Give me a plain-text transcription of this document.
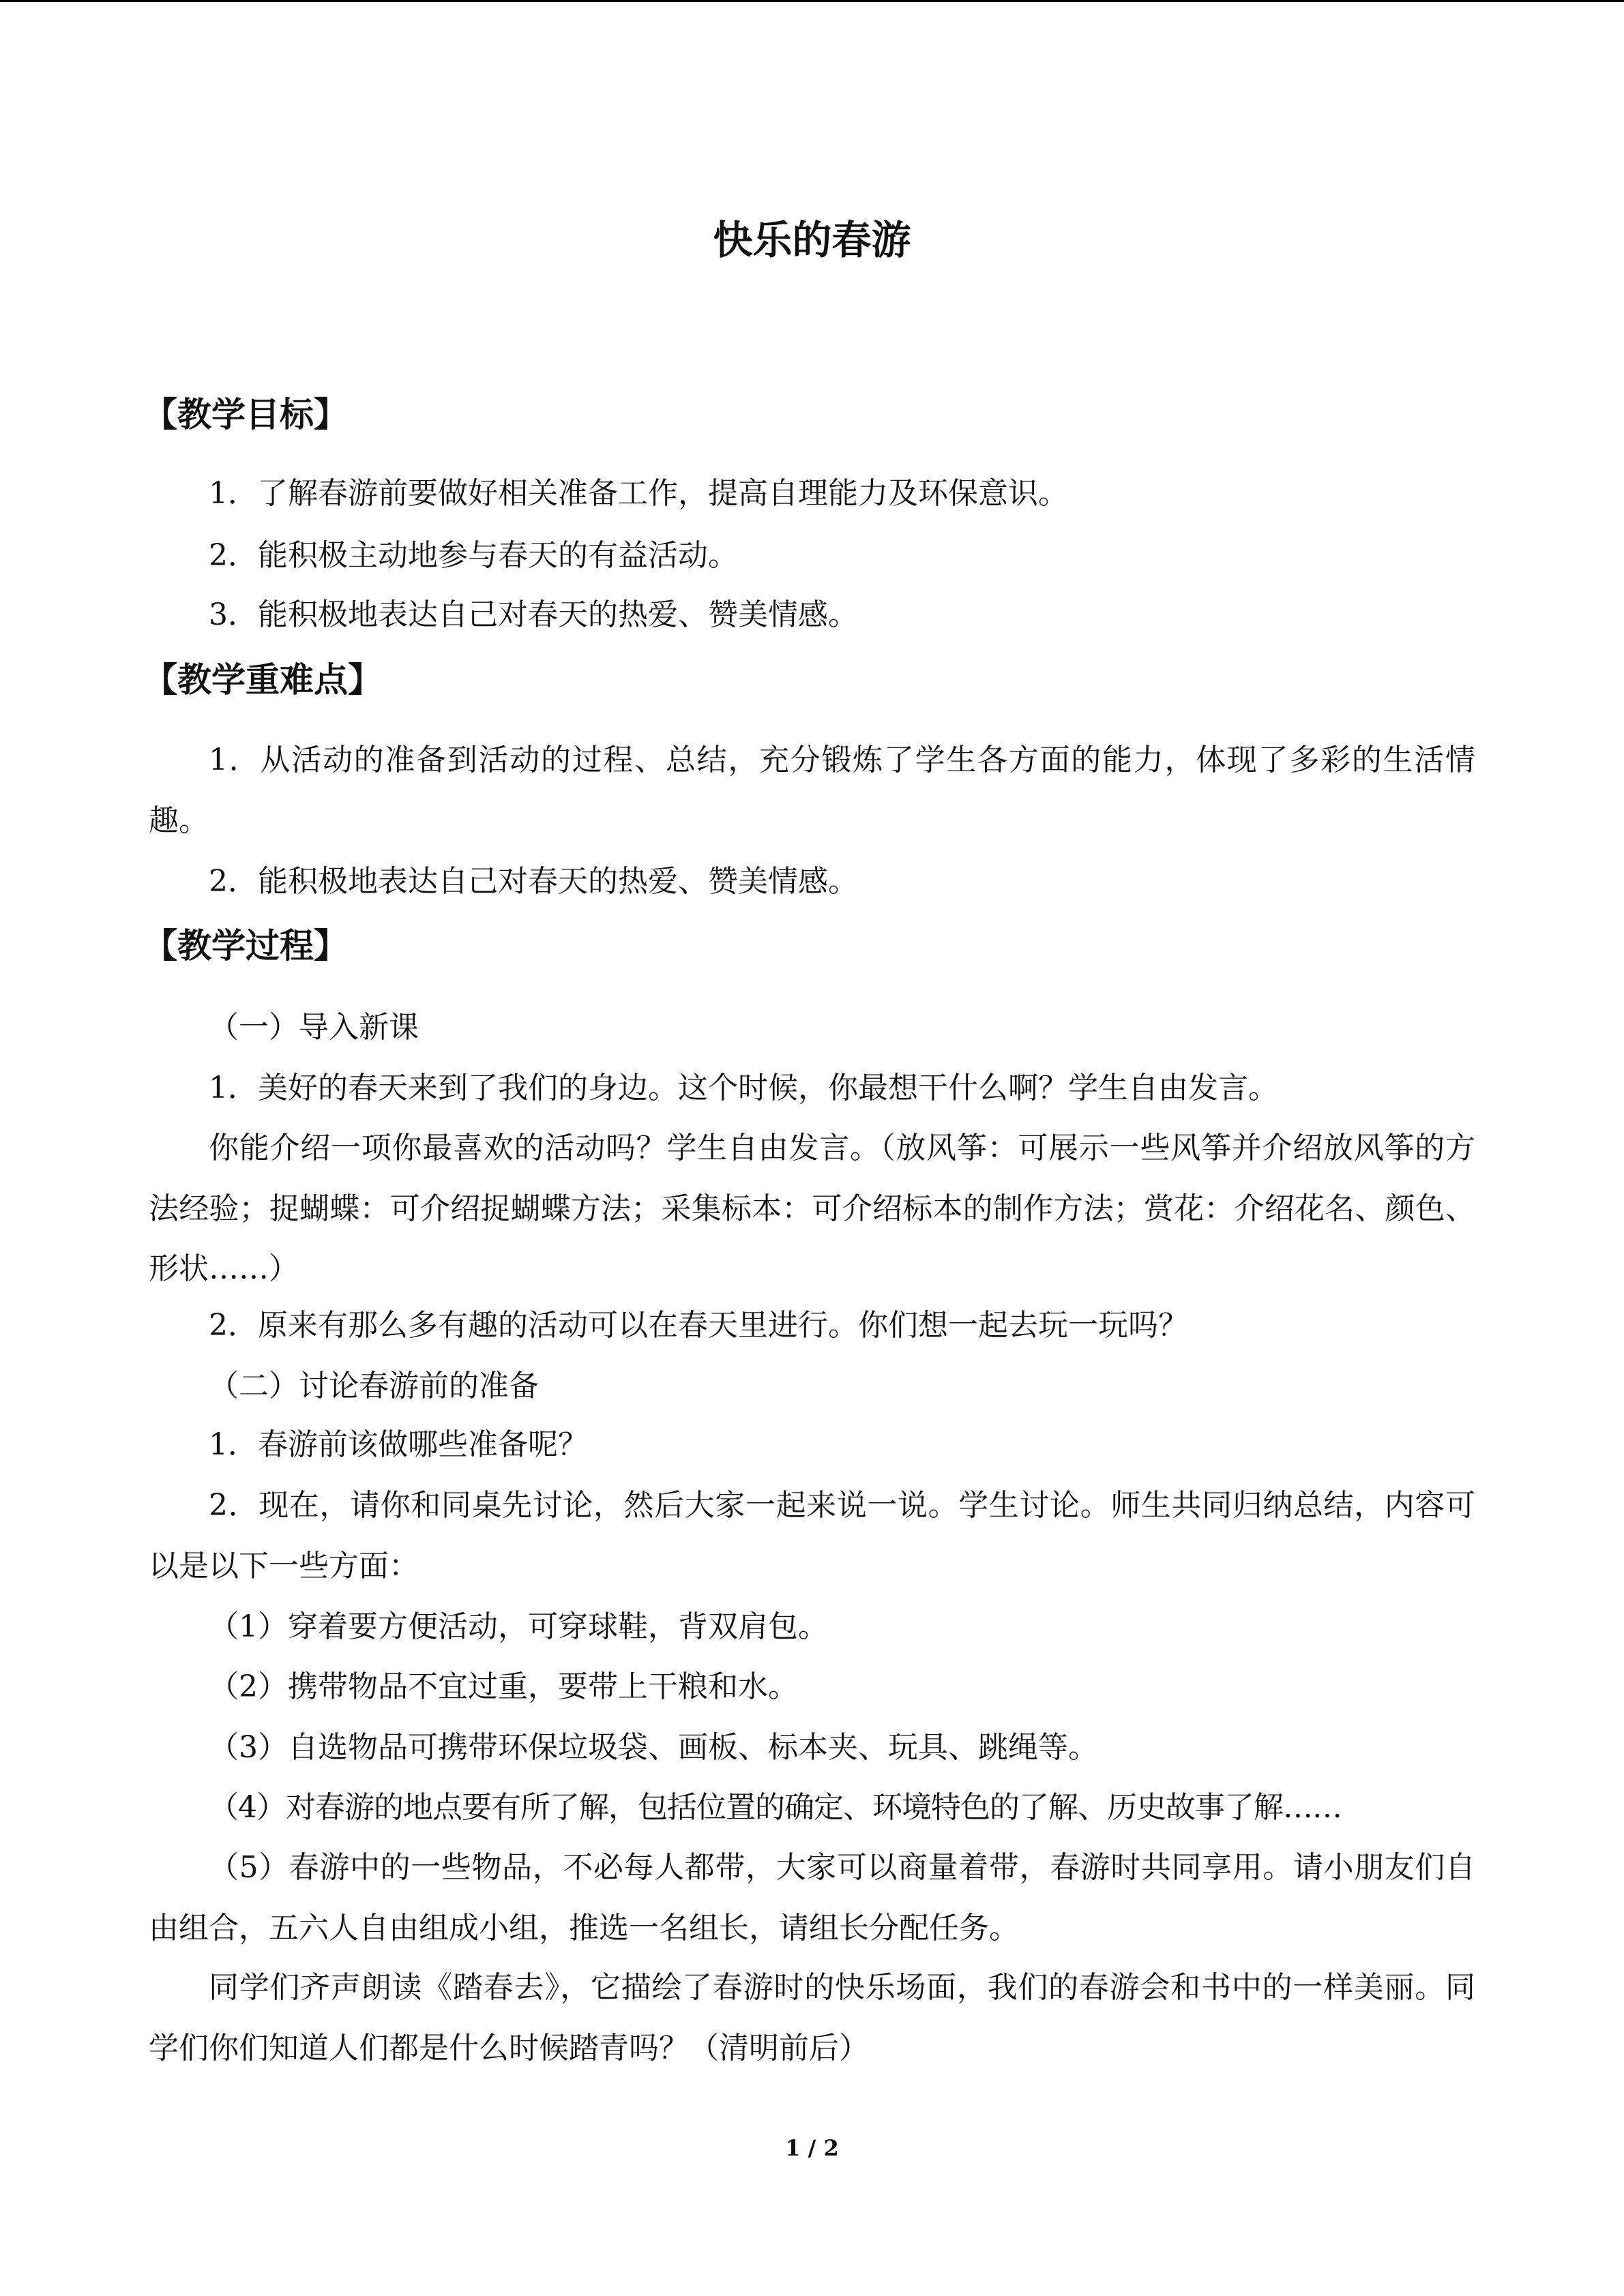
快乐的春游
【教学目标】
1．了解春游前要做好相关准备工作，提高自理能力及环保意识。
2．能积极主动地参与春天的有益活动。
3．能积极地表达自己对春天的热爱、赞美情感。
【教学重难点】
1．从活动的准备到活动的过程、总结，充分锻炼了学生各方面的能力，体现了多彩的生活情趣。
2．能积极地表达自己对春天的热爱、赞美情感。
【教学过程】
（一）导入新课
1．美好的春天来到了我们的身边。这个时候，你最想干什么啊？学生自由发言。
你能介绍一项你最喜欢的活动吗？学生自由发言。（放风筝：可展示一些风筝并介绍放风筝的方法经验；捉蝴蝶：可介绍捉蝴蝶方法；采集标本：可介绍标本的制作方法；赏花：介绍花名、颜色、形状……）
2．原来有那么多有趣的活动可以在春天里进行。你们想一起去玩一玩吗？
（二）讨论春游前的准备
1．春游前该做哪些准备呢？
2．现在，请你和同桌先讨论，然后大家一起来说一说。学生讨论。师生共同归纳总结，内容可以是以下一些方面：
（1）穿着要方便活动，可穿球鞋，背双肩包。
（2）携带物品不宜过重，要带上干粮和水。
（3）自选物品可携带环保垃圾袋、画板、标本夹、玩具、跳绳等。
（4）对春游的地点要有所了解，包括位置的确定、环境特色的了解、历史故事了解……
（5）春游中的一些物品，不必每人都带，大家可以商量着带，春游时共同享用。请小朋友们自由组合，五六人自由组成小组，推选一名组长，请组长分配任务。
同学们齐声朗读《踏春去》，它描绘了春游时的快乐场面，我们的春游会和书中的一样美丽。同学们你们知道人们都是什么时候踏青吗？（清明前后）
1 / 2
